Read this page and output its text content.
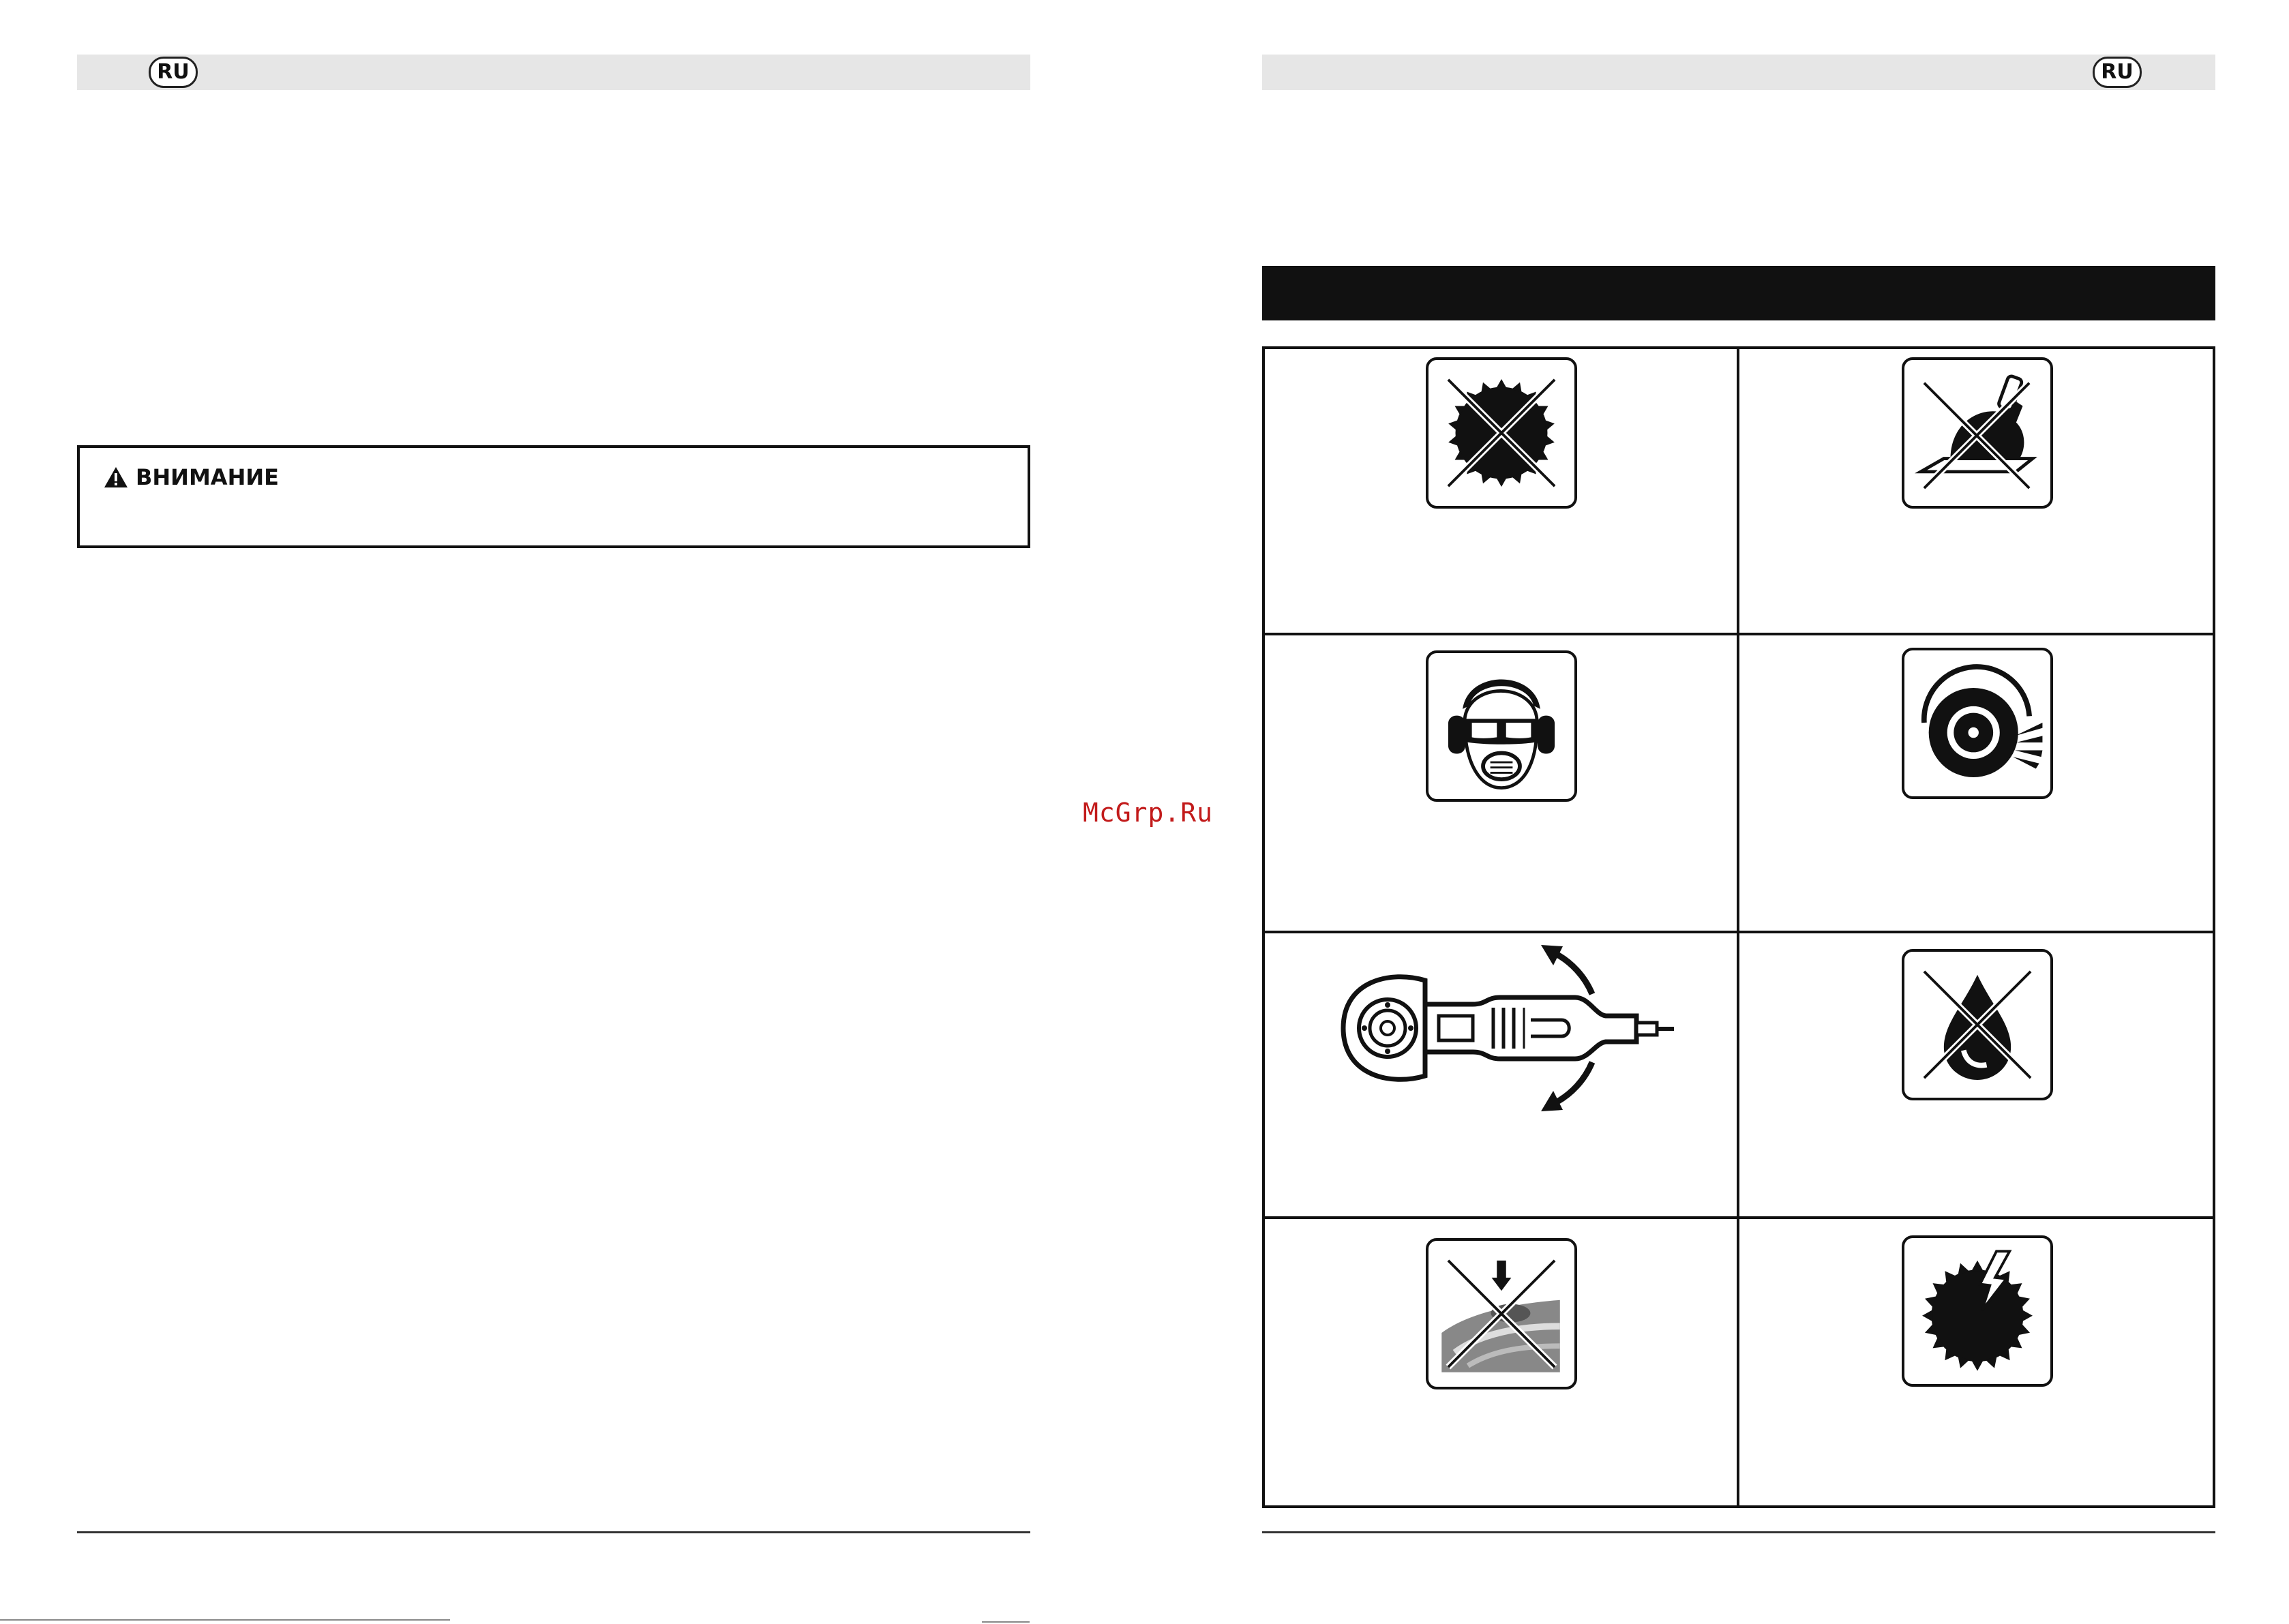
RU
ВНИМАНИЕ
McGrp.Ru
RU
